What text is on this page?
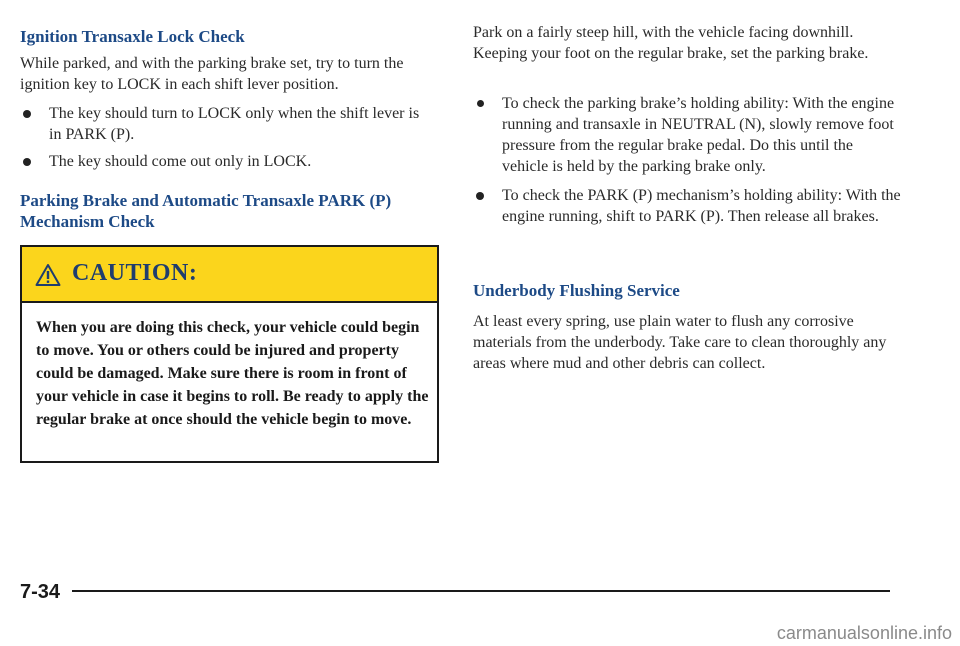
Ignition Transaxle Lock Check

While parked, and with the parking brake set, try to turn the ignition key to LOCK in each shift lever position.

The key should turn to LOCK only when the shift lever is in PARK (P).
The key should come out only in LOCK.
Parking Brake and Automatic Transaxle PARK (P) Mechanism Check
CAUTION:
When you are doing this check, your vehicle could begin to move. You or others could be injured and property could be damaged. Make sure there is room in front of your vehicle in case it begins to roll. Be ready to apply the regular brake at once should the vehicle begin to move.

Park on a fairly steep hill, with the vehicle facing downhill. Keeping your foot on the regular brake, set the parking brake.

To check the parking brake’s holding ability: With the engine running and transaxle in NEUTRAL (N), slowly remove foot pressure from the regular brake pedal. Do this until the vehicle is held by the parking brake only.
To check the PARK (P) mechanism’s holding ability: With the engine running, shift to PARK (P). Then release all brakes.
Underbody Flushing Service

At least every spring, use plain water to flush any corrosive materials from the underbody. Take care to clean thoroughly any areas where mud and other debris can collect.

7-34
carmanualsonline.info
